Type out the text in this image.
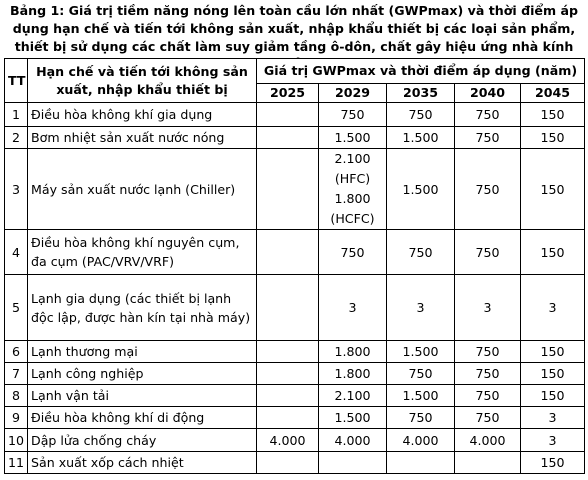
Bảng 1: Giá trị tiềm năng nóng lên toàn cầu lớn nhất (GWPmax) và thời điểm áp dụng hạn chế và tiến tới không sản xuất, nhập khẩu thiết bị các loại sản phẩm, thiết bị sử dụng các chất làm suy giảm tầng ô-dôn, chất gây hiệu ứng nhà kính
TT	Hạn chế và tiến tới không sản xuất, nhập khẩu thiết bị	Giá trị GWPmax và thời điểm áp dụng (năm)				
		2025	2029	2035	2040	2045
1	Điều hòa không khí gia dụng		750	750	750	150
2	Bơm nhiệt sản xuất nước nóng		1.500	1.500	750	150
3	Máy sản xuất nước lạnh (Chiller)		2.100
(HFC)
1.800
(HCFC)	1.500	750	150
4	Điều hòa không khí nguyên cụm, đa cụm (PAC/VRV/VRF)		750	750	750	150
5	Lạnh gia dụng (các thiết bị lạnh độc lập, được hàn kín tại nhà máy)		3	3	3	3
6	Lạnh thương mại		1.800	1.500	750	150
7	Lạnh công nghiệp		1.800	750	750	150
8	Lạnh vận tải		2.100	1.500	750	150
9	Điều hòa không khí di động		1.500	750	750	3
10	Dập lửa chống cháy	4.000	4.000	4.000	4.000	3
11	Sản xuất xốp cách nhiệt					150
